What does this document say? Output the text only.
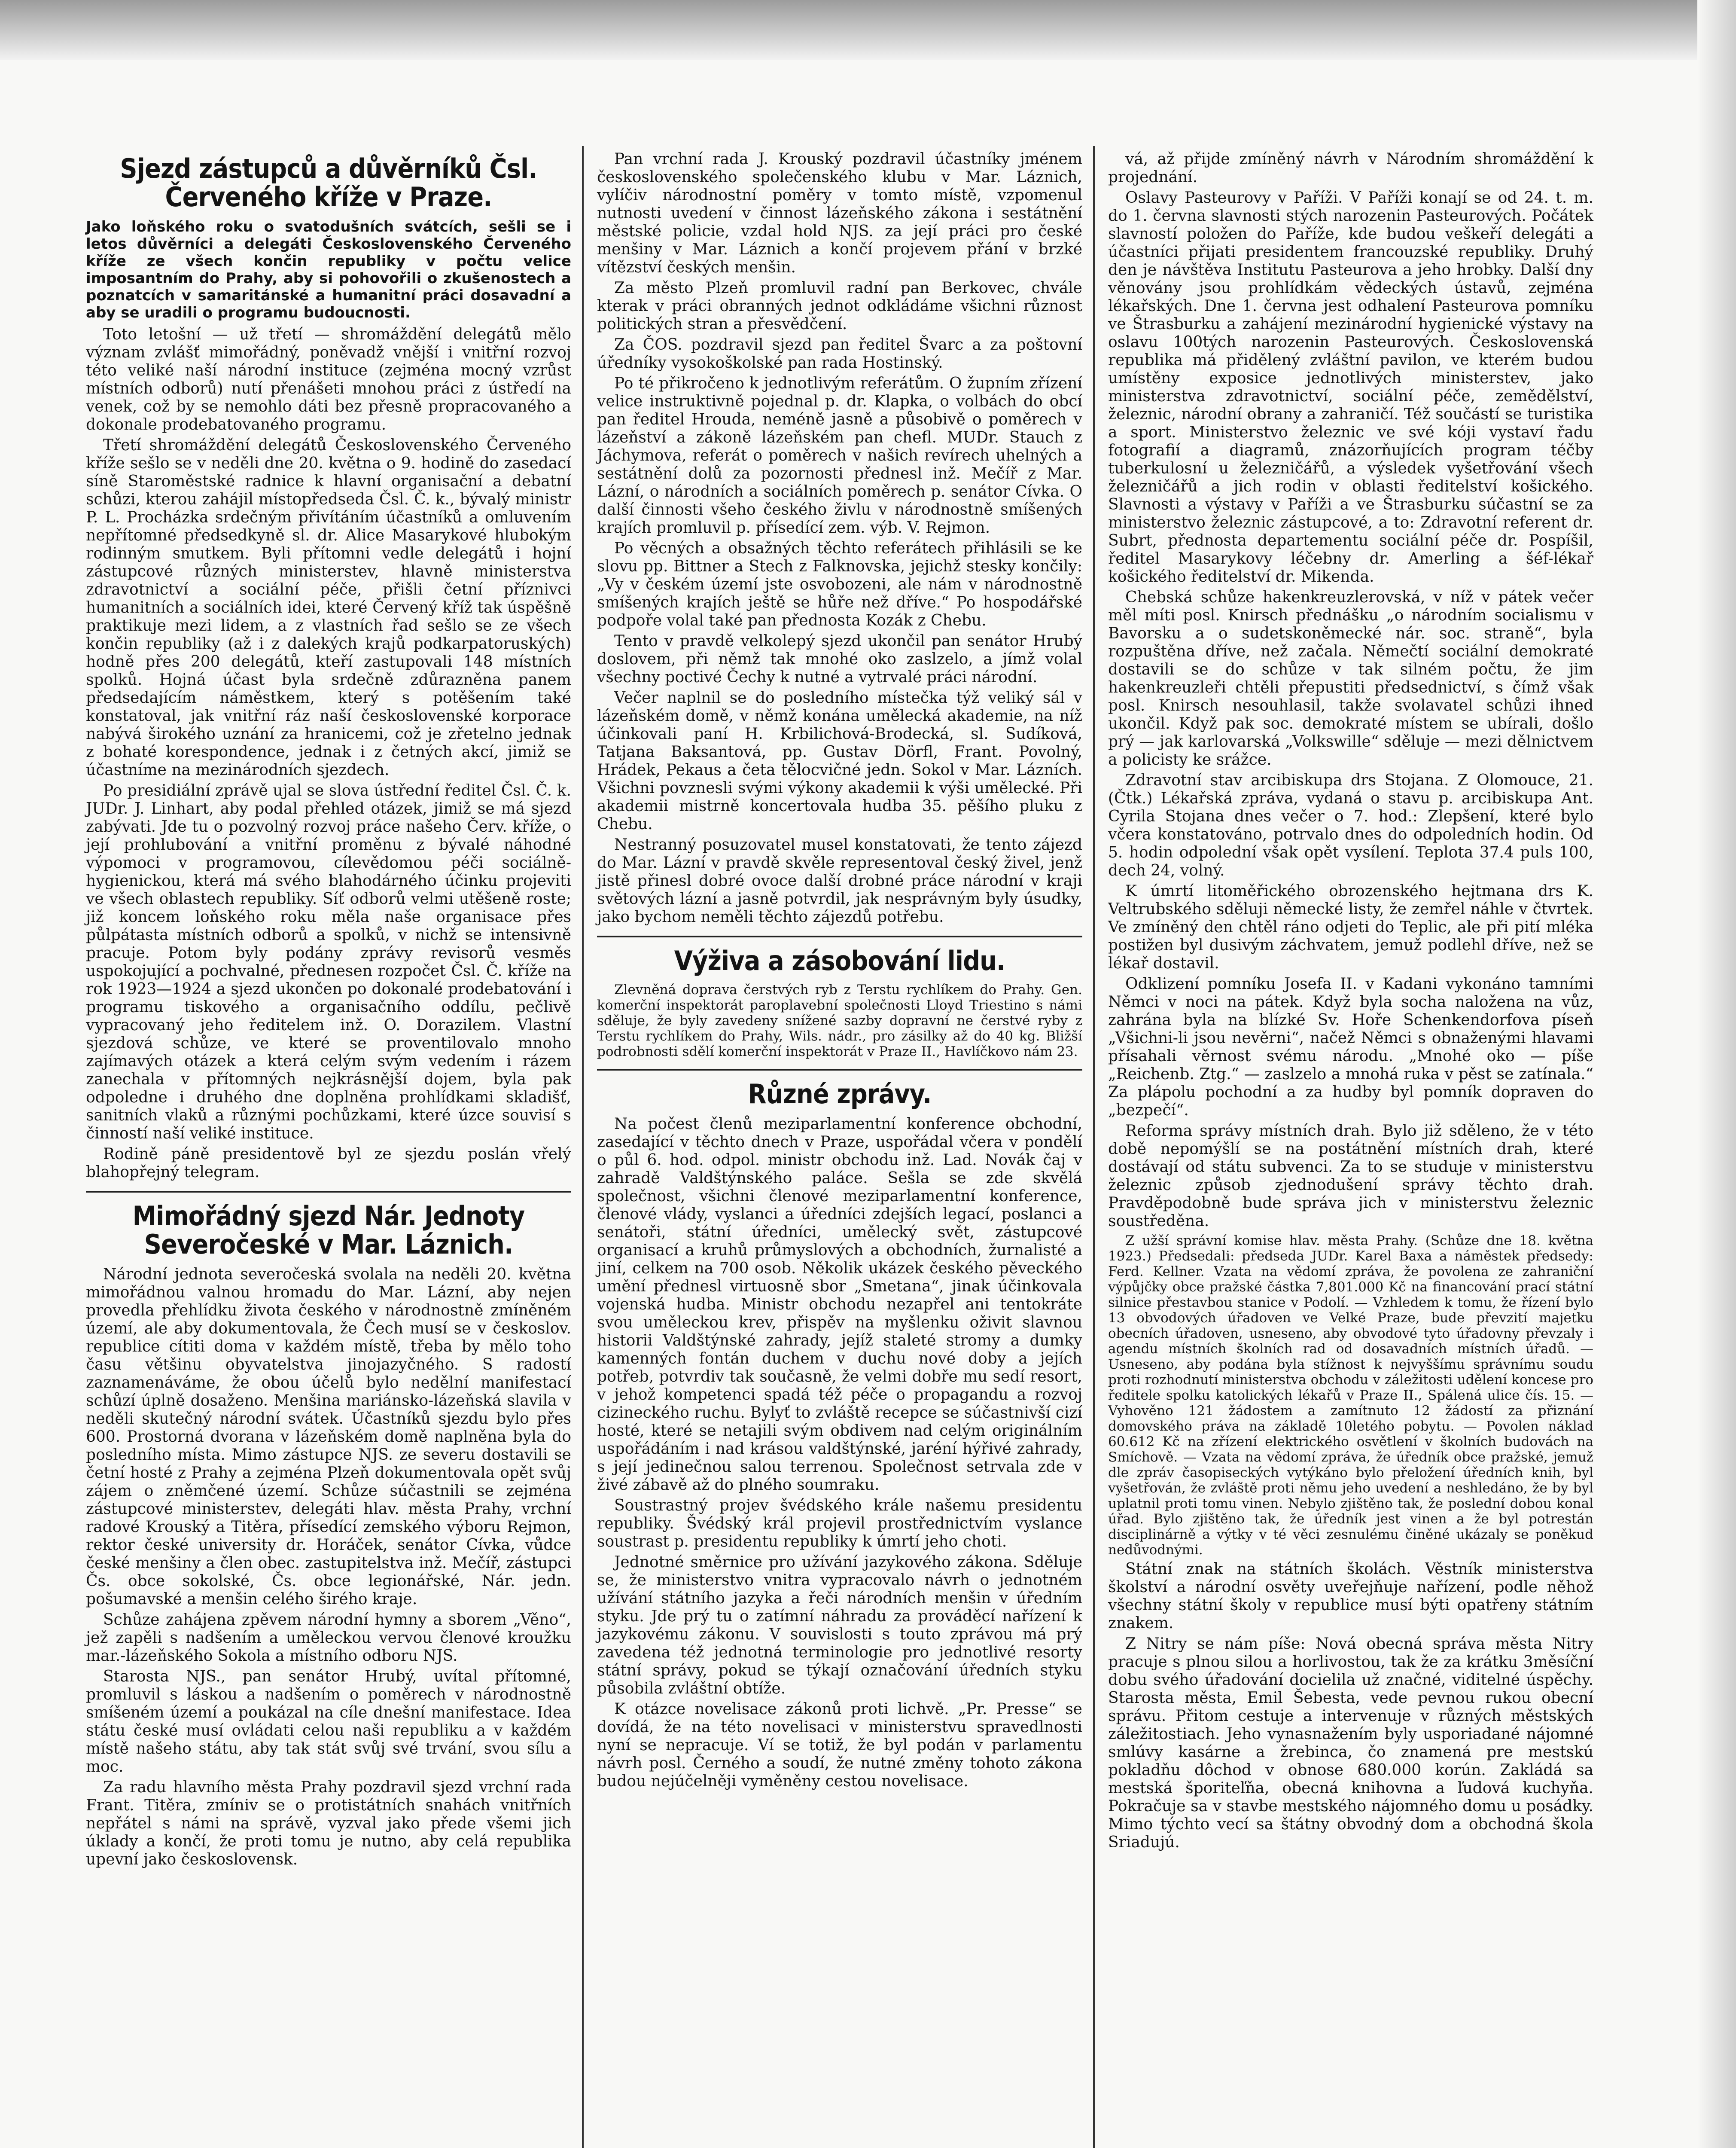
Sjezd zástupců a důvěrníků Čsl. Červeného kříže v Praze.
Jako loňského roku o svatodušních svátcích, sešli se i letos důvěrníci a delegáti Československého Červeného kříže ze všech končin republiky v počtu velice imposantním do Prahy, aby si pohovořili o zkušenostech a poznatcích v samaritánské a humanitní práci dosavadní a aby se uradili o programu budoucnosti.

Toto letošní — už třetí — shromáždění delegátů mělo význam zvlášť mimořádný, poněvadž vnější i vnitřní rozvoj této veliké naší národní instituce (zejména mocný vzrůst místních odborů) nutí přenášeti mnohou práci z ústředí na venek, což by se nemohlo dáti bez přesně propracovaného a dokonale prodebatovaného programu.

Třetí shromáždění delegátů Československého Červeného kříže sešlo se v neděli dne 20. května o 9. hodině do zasedací síně Staroměstské radnice k hlavní organisační a debatní schůzi, kterou zahájil místopředseda Čsl. Č. k., bývalý ministr P. L. Procházka srdečným přivítáním účastníků a omluvením nepřítomné předsedkyně sl. dr. Alice Masarykové hlubokým rodinným smutkem. Byli přítomni vedle delegátů i hojní zástupcové různých ministerstev, hlavně ministerstva zdravotnictví a sociální péče, přišli četní příznivci humanitních a sociálních idei, které Červený kříž tak úspěšně praktikuje mezi lidem, a z vlastních řad sešlo se ze všech končin republiky (až i z dalekých krajů podkarpatoruských) hodně přes 200 delegátů, kteří zastupovali 148 místních spolků. Hojná účast byla srdečně zdůrazněna panem předsedajícím náměstkem, který s potěšením také konstatoval, jak vnitřní ráz naší československé korporace nabývá širokého uznání za hranicemi, což je zřetelno jednak z bohaté korespondence, jednak i z četných akcí, jimiž se účastníme na mezinárodních sjezdech.

Po presidiální zprávě ujal se slova ústřední ředitel Čsl. Č. k. JUDr. J. Linhart, aby podal přehled otázek, jimiž se má sjezd zabývati. Jde tu o pozvolný rozvoj práce našeho Červ. kříže, o její prohlubování a vnitřní proměnu z bývalé náhodné výpomoci v programovou, cílevědomou péči sociálně-hygienickou, která má svého blahodárného účinku projeviti ve všech oblastech republiky. Síť odborů velmi utěšeně roste; již koncem loňského roku měla naše organisace přes půlpátasta místních odborů a spolků, v nichž se intensivně pracuje. Potom byly podány zprávy revisorů vesměs uspokojující a pochvalné, přednesen rozpočet Čsl. Č. kříže na rok 1923—1924 a sjezd ukončen po dokonalé prodebatování i programu tiskového a organisačního oddílu, pečlivě vypracovaný jeho ředitelem inž. O. Dorazilem. Vlastní sjezdová schůze, ve které se proventilovalo mnoho zajímavých otázek a která celým svým vedením i rázem zanechala v přítomných nejkrásnější dojem, byla pak odpoledne i druhého dne doplněna prohlídkami skladišť, sanitních vlaků a různými pochůzkami, které úzce souvisí s činností naší veliké instituce.

Rodině páně presidentově byl ze sjezdu poslán vřelý blahopřejný telegram.

Mimořádný sjezd Nár. Jednoty Severočeské v Mar. Láznich.

Národní jednota severočeská svolala na neděli 20. května mimořádnou valnou hromadu do Mar. Lázní, aby nejen provedla přehlídku života českého v národnostně zmíněném území, ale aby dokumentovala, že Čech musí se v českoslov. republice cítiti doma v každém místě, třeba by mělo toho času většinu obyvatelstva jinojazyčného. S radostí zaznamenáváme, že obou účelů bylo nedělní manifestací schůzí úplně dosaženo. Menšina mariánsko-lázeňská slavila v neděli skutečný národní svátek. Účastníků sjezdu bylo přes 600. Prostorná dvorana v lázeňském domě naplněna byla do posledního místa. Mimo zástupce NJS. ze severu dostavili se četní hosté z Prahy a zejména Plzeň dokumentovala opět svůj zájem o zněmčené území. Schůze súčastnili se zejména zástupcové ministerstev, delegáti hlav. města Prahy, vrchní radové Krouský a Titěra, přísedící zemského výboru Rejmon, rektor české university dr. Horáček, senátor Cívka, vůdce české menšiny a člen obec. zastupitelstva inž. Mečíř, zástupci Čs. obce sokolské, Čs. obce legionářské, Nár. jedn. pošumavské a menšin celého širého kraje.

Schůze zahájena zpěvem národní hymny a sborem „Věno“, jež zapěli s nadšením a uměleckou vervou členové kroužku mar.-lázeňského Sokola a místního odboru NJS.

Starosta NJS., pan senátor Hrubý, uvítal přítomné, promluvil s láskou a nadšením o poměrech v národnostně smíšeném území a poukázal na cíle dnešní manifestace. Idea státu české musí ovládati celou naši republiku a v každém místě našeho státu, aby tak stát svůj své trvání, svou sílu a moc.

Za radu hlavního města Prahy pozdravil sjezd vrchní rada Frant. Titěra, zmíniv se o protistátních snahách vnitřních nepřátel s námi na správě, vyzval jako přede všemi jich úklady a končí, že proti tomu je nutno, aby celá republika upevní jako československ.

Pan vrchní rada J. Krouský pozdravil účastníky jménem československého společenského klubu v Mar. Láznich, vylíčiv národnostní poměry v tomto místě, vzpomenul nutnosti uvedení v činnost lázeňského zákona i sestátnění městské policie, vzdal hold NJS. za její práci pro české menšiny v Mar. Láznich a končí projevem přání v brzké vítězství českých menšin.

Za město Plzeň promluvil radní pan Berkovec, chvále kterak v práci obranných jednot odkládáme všichni různost politických stran a přesvědčení.

Za ČOS. pozdravil sjezd pan ředitel Švarc a za poštovní úředníky vysokoškolské pan rada Hostinský.

Po té přikročeno k jednotlivým referátům. O župním zřízení velice instruktivně pojednal p. dr. Klapka, o volbách do obcí pan ředitel Hrouda, neméně jasně a působivě o poměrech v lázeňství a zákoně lázeňském pan chefl. MUDr. Stauch z Jáchymova, referát o poměrech v našich revírech uhelných a sestátnění dolů za pozornosti přednesl inž. Mečíř z Mar. Lázní, o národních a sociálních poměrech p. senátor Cívka. O další činnosti všeho českého živlu v národnostně smíšených krajích promluvil p. přísedící zem. výb. V. Rejmon.

Po věcných a obsažných těchto referátech přihlásili se ke slovu pp. Bittner a Stech z Falknovska, jejichž stesky končily: „Vy v českém území jste osvobozeni, ale nám v národnostně smíšených krajích ještě se hůře než dříve.“ Po hospodářské podpoře volal také pan přednosta Kozák z Chebu.

Tento v pravdě velkolepý sjezd ukončil pan senátor Hrubý doslovem, při němž tak mnohé oko zaslzelo, a jímž volal všechny poctivé Čechy k nutné a vytrvalé práci národní.

Večer naplnil se do posledního místečka týž veliký sál v lázeňském domě, v němž konána umělecká akademie, na níž účinkovali paní H. Krbilichová-Brodecká, sl. Sudíková, Tatjana Baksantová, pp. Gustav Dörfl, Frant. Povolný, Hrádek, Pekaus a četa tělocvičné jedn. Sokol v Mar. Lázních. Všichni povznesli svými výkony akademii k výši umělecké. Při akademii mistrně koncertovala hudba 35. pěšího pluku z Chebu.

Nestranný posuzovatel musel konstatovati, že tento zájezd do Mar. Lázní v pravdě skvěle representoval český živel, jenž jistě přinesl dobré ovoce další drobné práce národní v kraji světových lázní a jasně potvrdil, jak nesprávným byly úsudky, jako bychom neměli těchto zájezdů potřebu.

Výživa a zásobování lidu.

Zlevněná doprava čerstvých ryb z Terstu rychlíkem do Prahy. Gen. komerční inspektorát paroplavební společnosti Lloyd Triestino s námi sděluje, že byly zavedeny snížené sazby dopravní ne čerstvé ryby z Terstu rychlíkem do Prahy, Wils. nádr., pro zásilky až do 40 kg. Bližší podrobnosti sdělí komerční inspektorát v Praze II., Havlíčkovo nám 23.

Různé zprávy.

Na počest členů meziparlamentní konference obchodní, zasedající v těchto dnech v Praze, uspořádal včera v pondělí o půl 6. hod. odpol. ministr obchodu inž. Lad. Novák čaj v zahradě Valdštýnského paláce. Sešla se zde skvělá společnost, všichni členové meziparlamentní konference, členové vlády, vyslanci a úředníci zdejších legací, poslanci a senátoři, státní úředníci, umělecký svět, zástupcové organisací a kruhů průmyslových a obchodních, žurnalisté a jiní, celkem na 700 osob. Několik ukázek českého pěveckého umění přednesl virtuosně sbor „Smetana“, jinak účinkovala vojenská hudba. Ministr obchodu nezapřel ani tentokráte svou uměleckou krev, přispěv na myšlenku oživit slavnou historii Valdštýnské zahrady, jejíž staleté stromy a dumky kamenných fontán duchem v duchu nové doby a jejích potřeb, potvrdiv tak současně, že velmi dobře mu sedí resort, v jehož kompetenci spadá též péče o propagandu a rozvoj cizineckého ruchu. Bylyť to zvláště recepce se súčastnivší cizí hosté, které se netajili svým obdivem nad celým originálním uspořádáním i nad krásou valdštýnské, jaréní hýřivé zahrady, s její jedinečnou salou terrenou. Společnost setrvala zde v živé zábavě až do plného soumraku.

Soustrastný projev švédského krále našemu presidentu republiky. Švédský král projevil prostřednictvím vyslance soustrast p. presidentu republiky k úmrtí jeho choti.

Jednotné směrnice pro užívání jazykového zákona. Sděluje se, že ministerstvo vnitra vypracovalo návrh o jednotném užívání státního jazyka a řeči národních menšin v úředním styku. Jde prý tu o zatímní náhradu za prováděcí nařízení k jazykovému zákonu. V souvislosti s touto zprávou má prý zavedena též jednotná terminologie pro jednotlivé resorty státní správy, pokud se týkají označování úředních styku působila zvláštní obtíže.

K otázce novelisace zákonů proti lichvě. „Pr. Presse“ se dovídá, že na této novelisaci v ministerstvu spravedlnosti nyní se nepracuje. Ví se totiž, že byl podán v parlamentu návrh posl. Černého a soudí, že nutné změny tohoto zákona budou nejúčelněji vyměněny cestou novelisace.

vá, až přijde zmíněný návrh v Národním shromáždění k projednání.

Oslavy Pasteurovy v Paříži. V Paříži konají se od 24. t. m. do 1. června slavnosti stých narozenin Pasteurových. Počátek slavností položen do Paříže, kde budou veškeří delegáti a účastníci přijati presidentem francouzské republiky. Druhý den je návštěva Institutu Pasteurova a jeho hrobky. Další dny věnovány jsou prohlídkám vědeckých ústavů, zejména lékařských. Dne 1. června jest odhalení Pasteurova pomníku ve Štrasburku a zahájení mezinárodní hygienické výstavy na oslavu 100tých narozenin Pasteurových. Československá republika má přidělený zvláštní pavilon, ve kterém budou umístěny exposice jednotlivých ministerstev, jako ministerstva zdravotnictví, sociální péče, zemědělství, železnic, národní obrany a zahraničí. Též součástí se turistika a sport. Ministerstvo železnic ve své kóji vystaví řadu fotografií a diagramů, znázorňujících program téčby tuberkulosní u železničářů, a výsledek vyšetřování všech železničářů a jich rodin v oblasti ředitelství košického. Slavnosti a výstavy v Paříži a ve Štrasburku súčastní se za ministerstvo železnic zástupcové, a to: Zdravotní referent dr. Subrt, přednosta departementu sociální péče dr. Pospíšil, ředitel Masarykovy léčebny dr. Amerling a šéf-lékař košického ředitelství dr. Mikenda.

Chebská schůze hakenkreuzlerovská, v níž v pátek večer měl míti posl. Knirsch přednášku „o národním socialismu v Bavorsku a o sudetskoněmecké nár. soc. straně“, byla rozpuštěna dříve, než začala. Němečtí sociální demokraté dostavili se do schůze v tak silném počtu, že jim hakenkreuzleři chtěli přepustiti předsednictví, s čímž však posl. Knirsch nesouhlasil, takže svolavatel schůzi ihned ukončil. Když pak soc. demokraté místem se ubírali, došlo prý — jak karlovarská „Volkswille“ sděluje — mezi dělnictvem a policisty ke srážce.

Zdravotní stav arcibiskupa drs Stojana. Z Olomouce, 21. (Čtk.) Lékařská zpráva, vydaná o stavu p. arcibiskupa Ant. Cyrila Stojana dnes večer o 7. hod.: Zlepšení, které bylo včera konstatováno, potrvalo dnes do odpoledních hodin. Od 5. hodin odpolední však opět vysílení. Teplota 37.4 puls 100, dech 24, volný.

K úmrtí litoměřického obrozenského hejtmana drs K. Veltrubského sděluji německé listy, že zemřel náhle v čtvrtek. Ve zmíněný den chtěl ráno odjeti do Teplic, ale při pití mléka postižen byl dusivým záchvatem, jemuž podlehl dříve, než se lékař dostavil.

Odklizení pomníku Josefa II. v Kadani vykonáno tamními Němci v noci na pátek. Když byla socha naložena na vůz, zahrána byla na blízké Sv. Hoře Schenkendorfova píseň „Všichni-li jsou nevěrni“, načež Němci s obnaženými hlavami přísahali věrnost svému národu. „Mnohé oko — píše „Reichenb. Ztg.“ — zaslzelo a mnohá ruka v pěst se zatínala.“ Za plápolu pochodní a za hudby byl pomník dopraven do „bezpečí“.

Reforma správy místních drah. Bylo již sděleno, že v této době nepomýšlí se na postátnění místních drah, které dostávají od státu subvenci. Za to se studuje v ministerstvu železnic způsob zjednodušení správy těchto drah. Pravděpodobně bude správa jich v ministerstvu železnic soustředěna.

Z užší správní komise hlav. města Prahy. (Schůze dne 18. května 1923.) Předsedali: předseda JUDr. Karel Baxa a náměstek předsedy: Ferd. Kellner. Vzata na vědomí zpráva, že povolena ze zahraniční výpůjčky obce pražské částka 7,801.000 Kč na financování prací státní silnice přestavbou stanice v Podolí. — Vzhledem k tomu, že řízení bylo 13 obvodových úřadoven ve Velké Praze, bude převzití majetku obecních úřadoven, usneseno, aby obvodové tyto úřadovny převzaly i agendu místních školních rad od dosavadních místních úřadů. — Usneseno, aby podána byla stížnost k nejvyššímu správnímu soudu proti rozhodnutí ministerstva obchodu v záležitosti udělení koncese pro ředitele spolku katolických lékařů v Praze II., Spálená ulice čís. 15. — Vyhověno 121 žádostem a zamítnuto 12 žádostí za přiznání domovského práva na základě 10letého pobytu. — Povolen náklad 60.612 Kč na zřízení elektrického osvětlení v školních budovách na Smíchově. — Vzata na vědomí zpráva, že úředník obce pražské, jemuž dle zpráv časopiseckých vytýkáno bylo přeložení úředních knih, byl vyšetřován, že zvláště proti němu jeho uvedení a neshledáno, že by byl uplatnil proti tomu vinen. Nebylo zjištěno tak, že poslední dobou konal úřad. Bylo zjištěno tak, že úředník jest vinen a že byl potrestán disciplinárně a výtky v té věci zesnulému činěné ukázaly se poněkud nedůvodnými.

Státní znak na státních školách. Věstník ministerstva školství a národní osvěty uveřejňuje nařízení, podle něhož všechny státní školy v republice musí býti opatřeny státním znakem.

Z Nitry se nám píše: Nová obecná správa města Nitry pracuje s plnou silou a horlivostou, tak že za krátku 3měsíční dobu svého úřadování docielila už značné, viditelné úspěchy. Starosta města, Emil Šebesta, vede pevnou rukou obecní správu. Přitom cestuje a intervenuje v různých městských záležitostiach. Jeho vynasnažením byly usporiadané nájomné smlúvy kasárne a žrebinca, čo znamená pre mestskú pokladňu dôchod v obnose 680.000 korún. Zakládá sa mestská šporiteľňa, obecná knihovna a ľudová kuchyňa. Pokračuje sa v stavbe mestského nájomného domu u posádky. Mimo týchto vecí sa štátny obvodný dom a obchodná škola Sriadujú.
